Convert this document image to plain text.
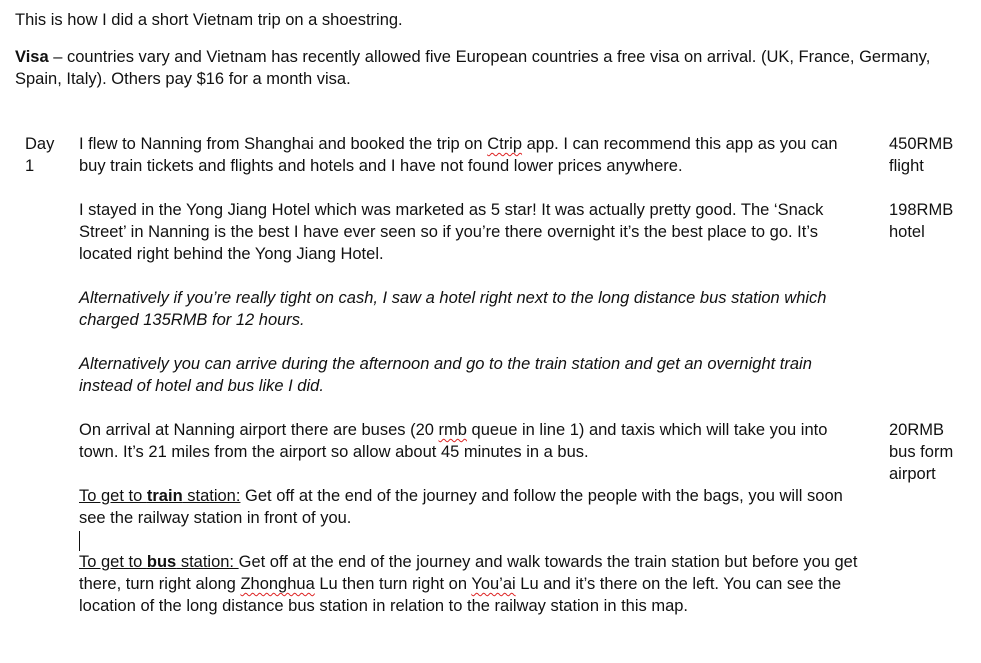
This is how I did a short Vietnam trip on a shoestring.

Visa – countries vary and Vietnam has recently allowed five European countries a free visa on arrival. (UK, France, Germany, Spain, Italy). Others pay $16 for a month visa.

Day
1
I flew to Nanning from Shanghai and booked the trip on Ctrip app. I can recommend this app as you can buy train tickets and flights and hotels and I have not found lower prices anywhere.
450RMB
flight
I stayed in the Yong Jiang Hotel which was marketed as 5 star! It was actually pretty good. The ‘Snack Street’ in Nanning is the best I have ever seen so if you’re there overnight it’s the best place to go. It’s located right behind the Yong Jiang Hotel.
198RMB
hotel
Alternatively if you’re really tight on cash, I saw a hotel right next to the long distance bus station which charged 135RMB for 12 hours.
Alternatively you can arrive during the afternoon and go to the train station and get an overnight train instead of hotel and bus like I did.
On arrival at Nanning airport there are buses (20 rmb queue in line 1) and taxis which will take you into town. It’s 21 miles from the airport so allow about 45 minutes in a bus.
20RMB
bus form
airport
To get to train station: Get off at the end of the journey and follow the people with the bags, you will soon see the railway station in front of you.
To get to bus station: Get off at the end of the journey and walk towards the train station but before you get there, turn right along Zhonghua Lu then turn right on You’ai Lu and it’s there on the left. You can see the location of the long distance bus station in relation to the railway station in this map.
